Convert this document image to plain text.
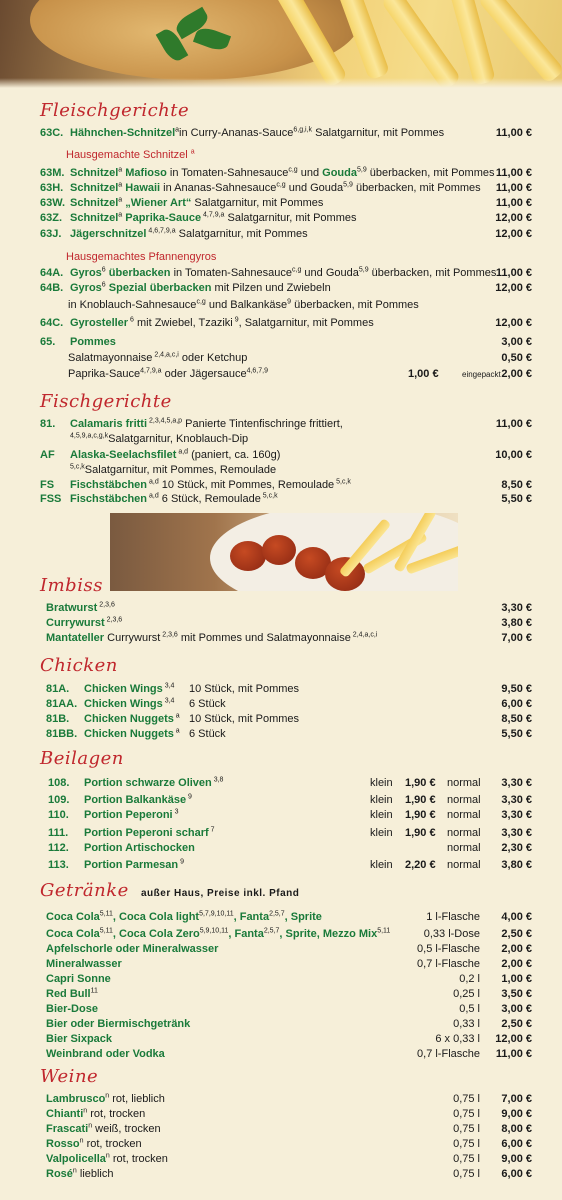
Fleischgerichte
63C. Hähnchen-Schnitzel$^a$in Curry-Ananas-Sauce$^{6,g,i,k}$ Salatgarnitur, mit Pommes	11,00 €
63M. Schnitzel$^a$ Mafioso in Tomaten-Sahnesauce$^{c,g}$ und Gouda$^{5,9}$ überbacken, mit Pommes 11,00 €
63H. Schnitzel$^a$ Hawaii in Ananas-Sahnesauce$^{c,g}$ und Gouda$^{5,9}$ überbacken, mit Pommes 11,00 €
63W. Schnitzel$^a$ „Wiener Art“ Salatgarnitur, mit Pommes	11,00 €
63Z. Schnitzel$^a$ Paprika-Sauce $^{4,7,9,a}$ Salatgarnitur, mit Pommes	12,00 €
63J. Jägerschnitzel $^{4,6,7,9,a}$ Salatgarnitur, mit Pommes	12,00 €
64A. Gyros$^6$ überbacken in Tomaten-Sahnesauce$^{c,g}$ und Gouda$^{5,9}$ überbacken, mit Pommes 11,00 €
64B. Gyros$^6$ Spezial überbacken mit Pilzen und Zwiebeln	12,00 €
in Knoblauch-Sahnesauce$^{c,g}$ und Balkankäse$^9$ überbacken, mit Pommes
64C. Gyrosteller $^6$ mit Zwiebel, Tzaziki $^9$, Salatgarnitur, mit Pommes	12,00 €
65. Pommes	3,00 €
Hausgemachte Schnitzel $^a$
Hausgemachtes Pfannengyros
Salatmayonnaise $^{2,4,a,c,i}$ oder Ketchup	0,50 €
Paprika-Sauce$^{4,7,9,a}$ oder Jägersauce$^{4,6,7,9}$	1,00 €	eingepackt 2,00 €
Fischgerichte
81. Calamaris fritti $^{2,3,4,5,a,p}$ Panierte Tintenfischringe frittiert,	11,00 €
$^{4,5,9,a,c,g,k}$Salatgarnitur, Knoblauch-Dip
AF Alaska-Seelachsfilet $^{a,d}$ (paniert, ca. 160g)	10,00 €
$^{5,c,k}$Salatgarnitur, mit Pommes, Remoulade
FS Fischstäbchen $^{a,d}$ 10 Stück, mit Pommes, Remoulade $^{5,c,k}$	8,50 €
FSS Fischstäbchen $^{a,d}$ 6 Stück, Remoulade $^{5,c,k}$	5,50 €
Imbiss
Bratwurst $^{2,3,6}$	3,30 €
Currywurst $^{2,3,6}$	3,80 €
Mantateller Currywurst $^{2,3,6}$ mit Pommes und Salatmayonnaise $^{2,4,a,c,i}$	7,00 €
Chicken
81A. Chicken Wings $^{3,4}$ 10 Stück, mit Pommes	9,50 €
81AA. Chicken Wings $^{3,4}$ 6 Stück	6,00 €
81B. Chicken Nuggets $^a$ 10 Stück, mit Pommes	8,50 €
81BB. Chicken Nuggets $^a$ 6 Stück	5,50 €
Beilagen
108. Portion schwarze Oliven $^{3,8}$	klein 1,90 € normal 3,30 €
109. Portion Balkankäse $^9$	klein 1,90 € normal 3,30 €
110. Portion Peperoni $^3$	klein 1,90 € normal 3,30 €
111. Portion Peperoni scharf $^7$	klein 1,90 € normal 3,30 €
112. Portion Artischocken	normal 2,30 €
113. Portion Parmesan $^9$	klein 2,20 € normal 3,80 €
Getränke außer Haus, Preise inkl. Pfand
Coca Cola$^{5,11}$, Coca Cola light$^{5,7,9,10,11}$, Fanta$^{2,5,7}$, Sprite	1 l-Flasche 4,00 €
Coca Cola$^{5,11}$, Coca Cola Zero$^{5,9,10,11}$, Fanta$^{2,5,7}$, Sprite, Mezzo Mix$^{5,11}$	0,33 l-Dose 2,50 €
Apfelschorle oder Mineralwasser	0,5 l-Flasche 2,00 €
Mineralwasser	0,7 l-Flasche 2,00 €
Capri Sonne	0,2 l 1,00 €
Red Bull$^{11}$	0,25 l 3,50 €
Bier-Dose	0,5 l 3,00 €
Bier oder Biermischgetränk	0,33 l 2,50 €
Bier Sixpack	6 x 0,33 l 12,00 €
Weinbrand oder Vodka	0,7 l-Flasche 11,00 €
Weine
Lambrusco$^n$ rot, lieblich	0,75 l 7,00 €
Chianti$^n$ rot, trocken	0,75 l 9,00 €
Frascati$^n$ weiß, trocken	0,75 l 8,00 €
Rosso$^n$ rot, trocken	0,75 l 6,00 €
Valpolicella$^n$ rot, trocken	0,75 l 9,00 €
Rosé$^n$ lieblich	0,75 l 6,00 €
